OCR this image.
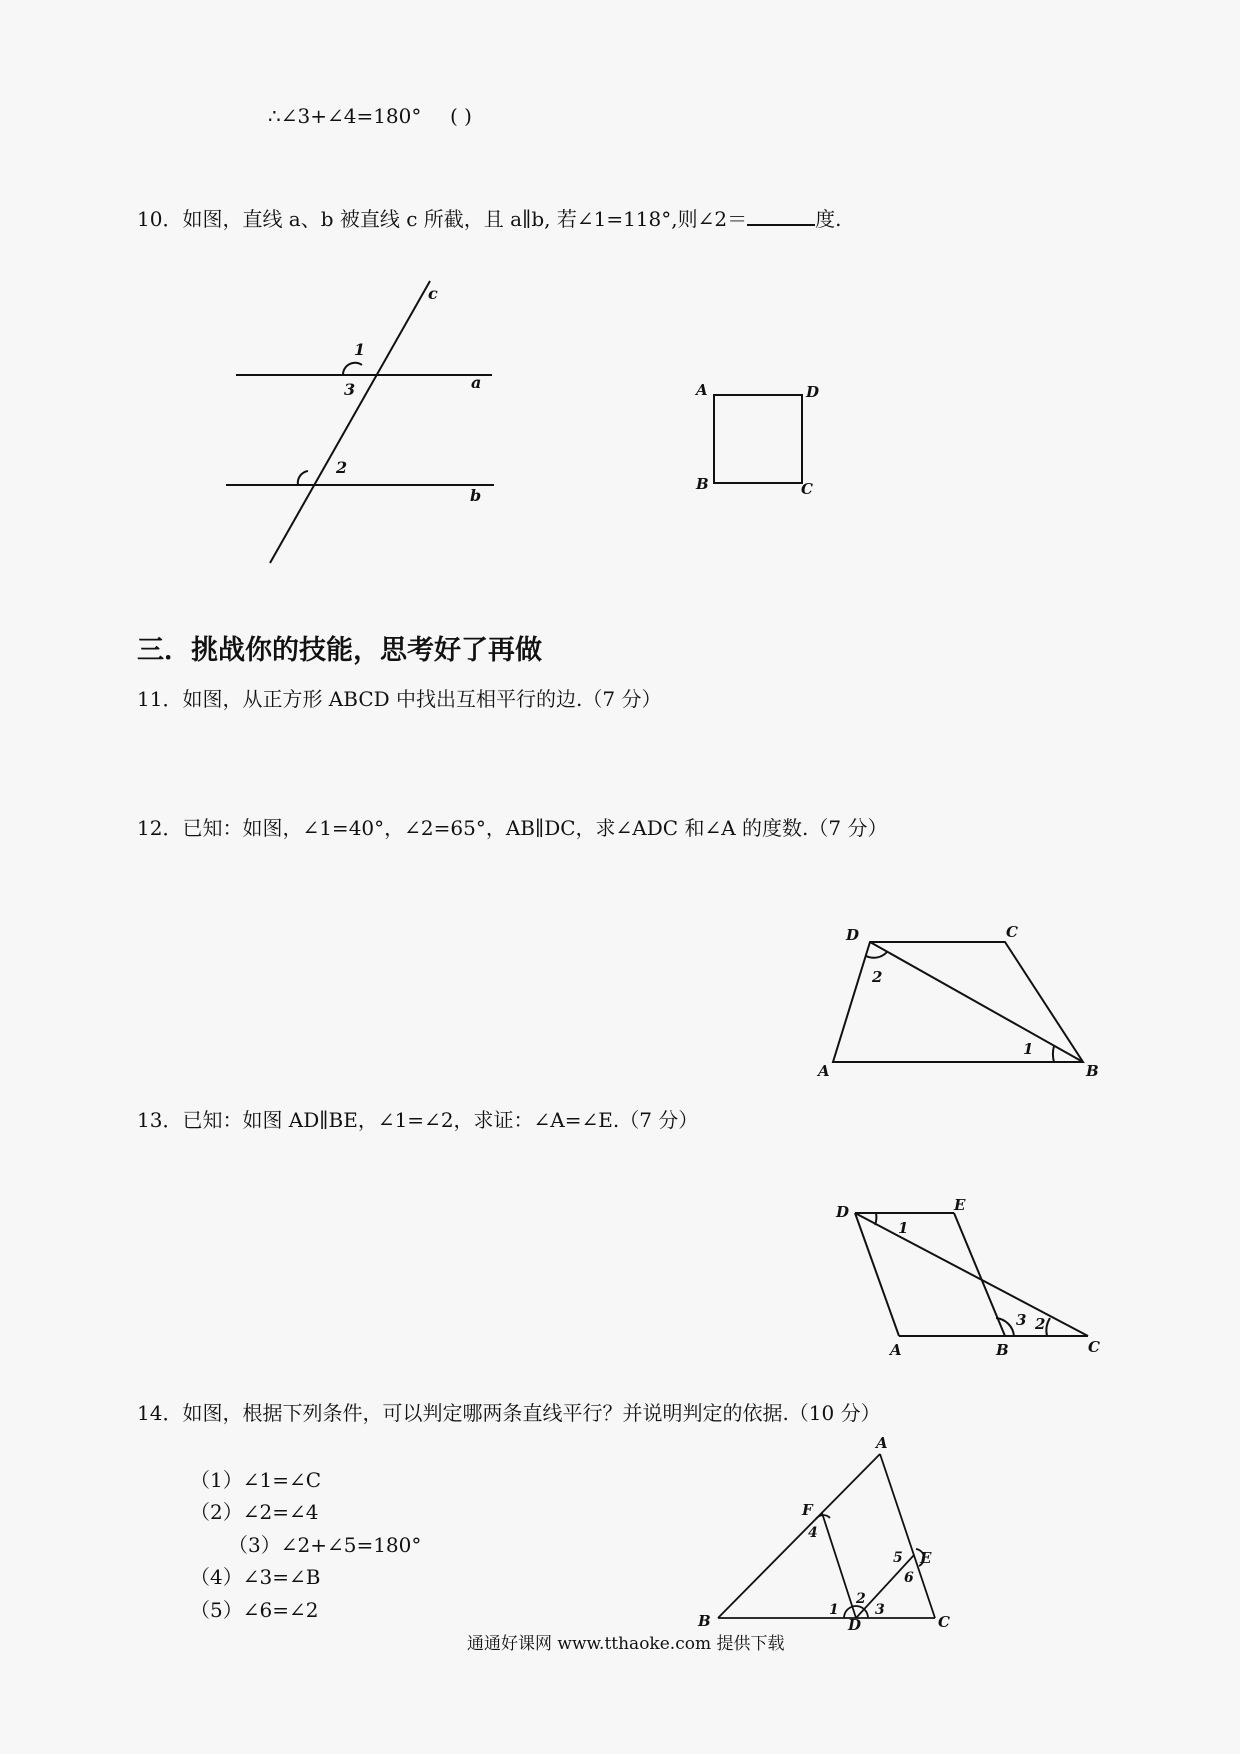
∴∠3+∠4=180° ( )
10．如图，直线 a、b 被直线 c 所截，且 a∥b, 若∠1=118°,则∠2＝	度.
c
1
3	a
2
b
A	D
B	C
三．挑战你的技能，思考好了再做
11．如图，从正方形 ABCD 中找出互相平行的边.（7 分）
12．已知：如图，∠1=40°，∠2=65°，AB∥DC，求∠ADC 和∠A 的度数.（7 分）
D	C
2
1
A	B
13．已知：如图 AD∥BE，∠1=∠2，求证：∠A=∠E.（7 分）
D	E
1
3 2
A	B	C
14．如图，根据下列条件，可以判定哪两条直线平行？并说明判定的依据.（10 分）
（1）∠1=∠C
（2）∠2=∠4
（3）∠2+∠5=180°
（4）∠3=∠B
（5）∠6=∠2
A
F
4
5 E
6
2
1	3
B	D	C
通通好课网 www.tthaoke.com 提供下载
